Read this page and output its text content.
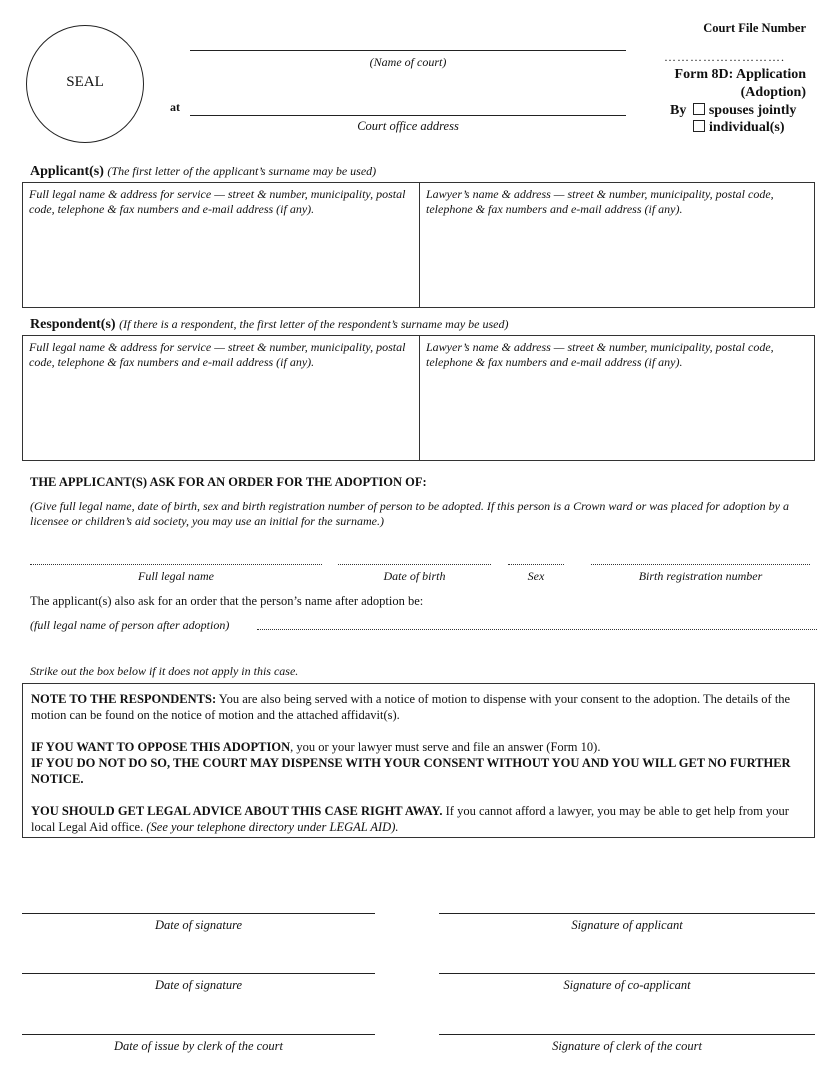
SEAL
(Name of court)
at
Court office address
Court File Number
……………………….
Form 8D: Application
(Adoption)
By spouses jointly
individual(s)
Applicant(s) (The first letter of the applicant’s surname may be used)
Full legal name & address for service — street & number, municipality, postal code, telephone & fax numbers and e-mail address (if any).
Lawyer’s name & address — street & number, municipality, postal code, telephone & fax numbers and e-mail address (if any).
Respondent(s) (If there is a respondent, the first letter of the respondent’s surname may be used)
Full legal name & address for service — street & number, municipality, postal code, telephone & fax numbers and e-mail address (if any).
Lawyer’s name & address — street & number, municipality, postal code, telephone & fax numbers and e-mail address (if any).
THE APPLICANT(S) ASK FOR AN ORDER FOR THE ADOPTION OF:
(Give full legal name, date of birth, sex and birth registration number of person to be adopted. If this person is a Crown ward or was placed for adoption by a licensee or children’s aid society, you may use an initial for the surname.)
Full legal name	Date of birth	Sex	Birth registration number
The applicant(s) also ask for an order that the person’s name after adoption be:
(full legal name of person after adoption)
Strike out the box below if it does not apply in this case.

NOTE TO THE RESPONDENTS: You are also being served with a notice of motion to dispense with your consent to the adoption. The details of the motion can be found on the notice of motion and the attached affidavit(s).

IF YOU WANT TO OPPOSE THIS ADOPTION, you or your lawyer must serve and file an answer (Form 10).

IF YOU DO NOT DO SO, THE COURT MAY DISPENSE WITH YOUR CONSENT WITHOUT YOU AND YOU WILL GET NO FURTHER NOTICE.

YOU SHOULD GET LEGAL ADVICE ABOUT THIS CASE RIGHT AWAY. If you cannot afford a lawyer, you may be able to get help from your local Legal Aid office. (See your telephone directory under LEGAL AID).

Date of signature	Signature of applicant
Date of signature	Signature of co-applicant
Date of issue by clerk of the court	Signature of clerk of the court
